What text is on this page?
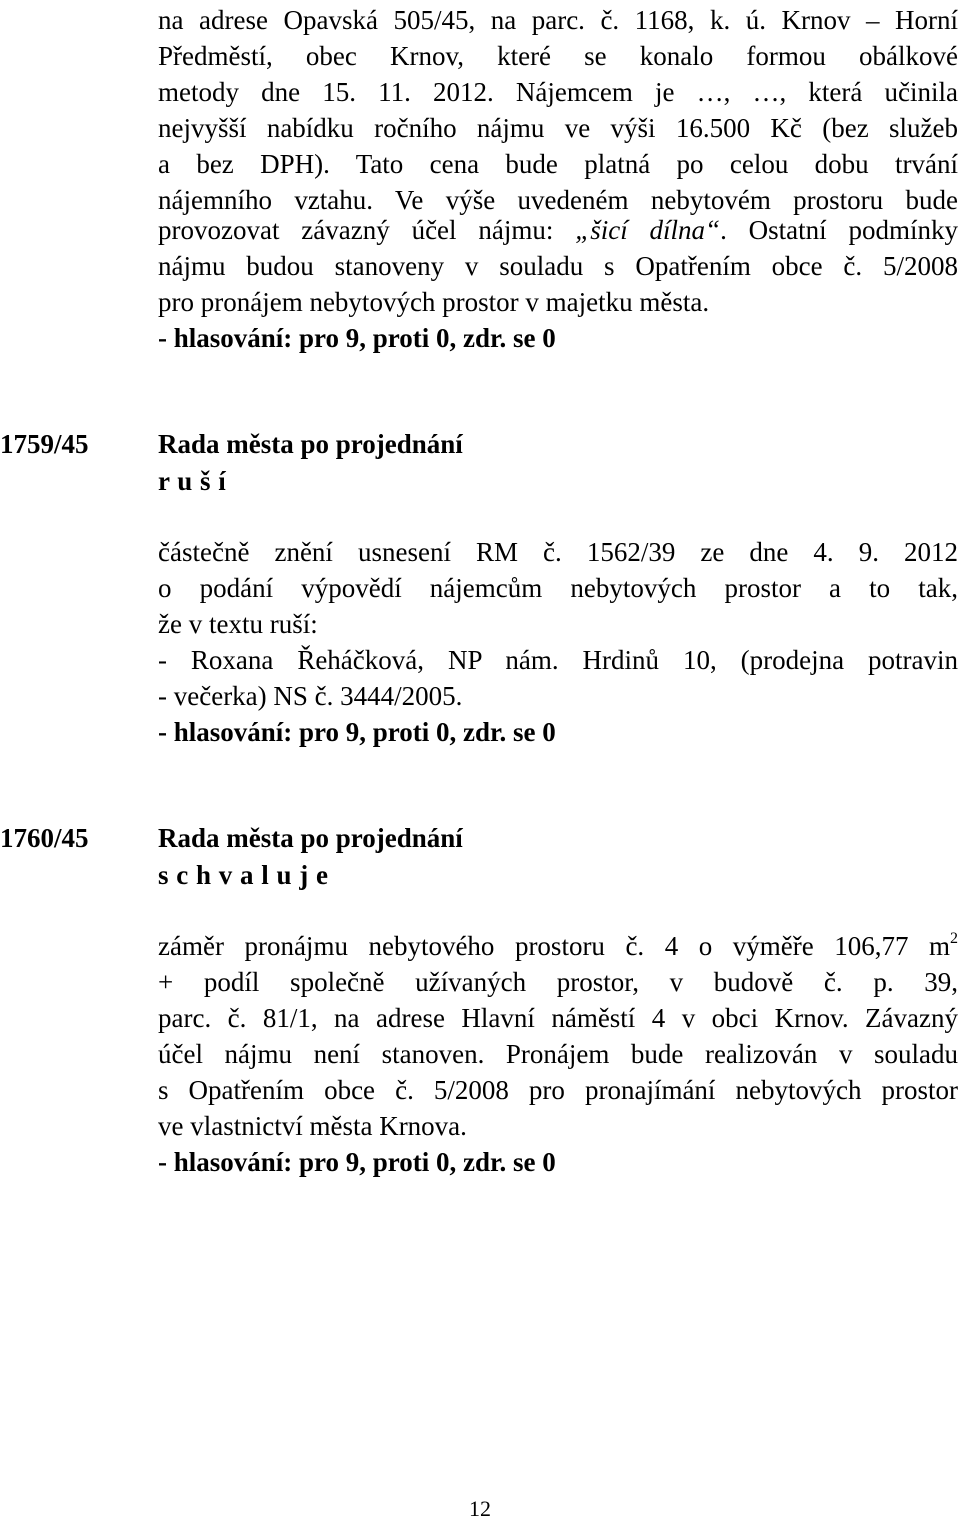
na adrese Opavská 505/45, na parc. č. 1168, k. ú. Krnov – Horní
Předměstí, obec Krnov, které se konalo formou obálkové
metody dne 15. 11. 2012. Nájemcem je …, …, která učinila
nejvyšší nabídku ročního nájmu ve výši 16.500 Kč (bez služeb
a bez DPH). Tato cena bude platná po celou dobu trvání
nájemního vztahu. Ve výše uvedeném nebytovém prostoru bude
provozovat závazný účel nájmu: „šicí dílna“. Ostatní podmínky
nájmu budou stanoveny v souladu s Opatřením obce č. 5/2008
pro pronájem nebytových prostor v majetku města.
- hlasování: pro 9, proti 0, zdr. se 0
1759/45	Rada města po projednání
r u š í
částečně znění usnesení RM č. 1562/39 ze dne 4. 9. 2012
o podání výpovědí nájemcům nebytových prostor a to tak,
že v textu ruší:
- Roxana Řeháčková, NP nám. Hrdinů 10, (prodejna potravin
- večerka) NS č. 3444/2005.
- hlasování: pro 9, proti 0, zdr. se 0
1760/45	Rada města po projednání
s c h v a l u j e
záměr pronájmu nebytového prostoru č. 4 o výměře 106,77 $m^2$
+ podíl společně užívaných prostor, v budově č. p. 39,
parc. č. 81/1, na adrese Hlavní náměstí 4 v obci Krnov. Závazný
účel nájmu není stanoven. Pronájem bude realizován v souladu
s Opatřením obce č. 5/2008 pro pronajímání nebytových prostor
ve vlastnictví města Krnova.
- hlasování: pro 9, proti 0, zdr. se 0
12
